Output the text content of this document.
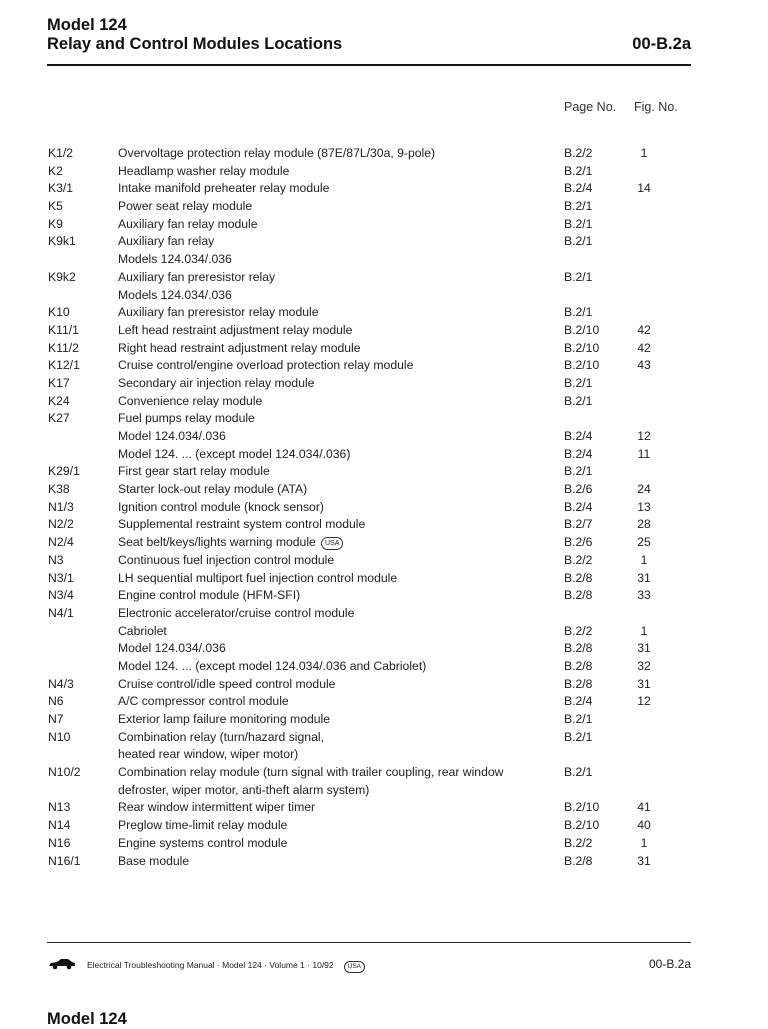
Model 124
Relay and Control Modules Locations	00-B.2a
Page No. Fig. No.
K1/2	Overvoltage protection relay module (87E/87L/30a, 9-pole)	B.2/2	1
K2	Headlamp washer relay module	B.2/1
K3/1	Intake manifold preheater relay module	B.2/4	14
K5	Power seat relay module	B.2/1
K9	Auxiliary fan relay module	B.2/1
K9k1	Auxiliary fan relay	B.2/1
Models 124.034/.036
K9k2	Auxiliary fan preresistor relay	B.2/1
Models 124.034/.036
K10	Auxiliary fan preresistor relay module	B.2/1
K11/1	Left head restraint adjustment relay module	B.2/10	42
K11/2	Right head restraint adjustment relay module	B.2/10	42
K12/1	Cruise control/engine overload protection relay module	B.2/10	43
K17	Secondary air injection relay module	B.2/1
K24	Convenience relay module	B.2/1
K27	Fuel pumps relay module
Model 124.034/.036	B.2/4	12
Model 124. ... (except model 124.034/.036)	B.2/4	11
K29/1	First gear start relay module	B.2/1
K38	Starter lock-out relay module (ATA)	B.2/6	24
N1/3	Ignition control module (knock sensor)	B.2/4	13
N2/2	Supplemental restraint system control module	B.2/7	28
N2/4	Seat belt/keys/lights warning module	USA	B.2/6	25
N3	Continuous fuel injection control module	B.2/2	1
N3/1	LH sequential multiport fuel injection control module	B.2/8	31
N3/4	Engine control module (HFM-SFI)	B.2/8	33
N4/1	Electronic accelerator/cruise control module
Cabriolet	B.2/2	1
Model 124.034/.036	B.2/8	31
Model 124. ... (except model 124.034/.036 and Cabriolet)	B.2/8	32
N4/3	Cruise control/idle speed control module	B.2/8	31
N6	A/C compressor control module	B.2/4	12
N7	Exterior lamp failure monitoring module	B.2/1
N10	Combination relay (turn/hazard signal,	B.2/1
heated rear window, wiper motor)
N10/2	Combination relay module (turn signal with trailer coupling, rear window	B.2/1
defroster, wiper motor, anti-theft alarm system)
N13	Rear window intermittent wiper timer	B.2/10	41
N14	Preglow time-limit relay module	B.2/10	40
N16	Engine systems control module	B.2/2	1
N16/1	Base module	B.2/8	31
Electrical Troubleshooting Manual · Model 124 · Volume 1 · 10/92 USA	00-B.2a
Model 124
